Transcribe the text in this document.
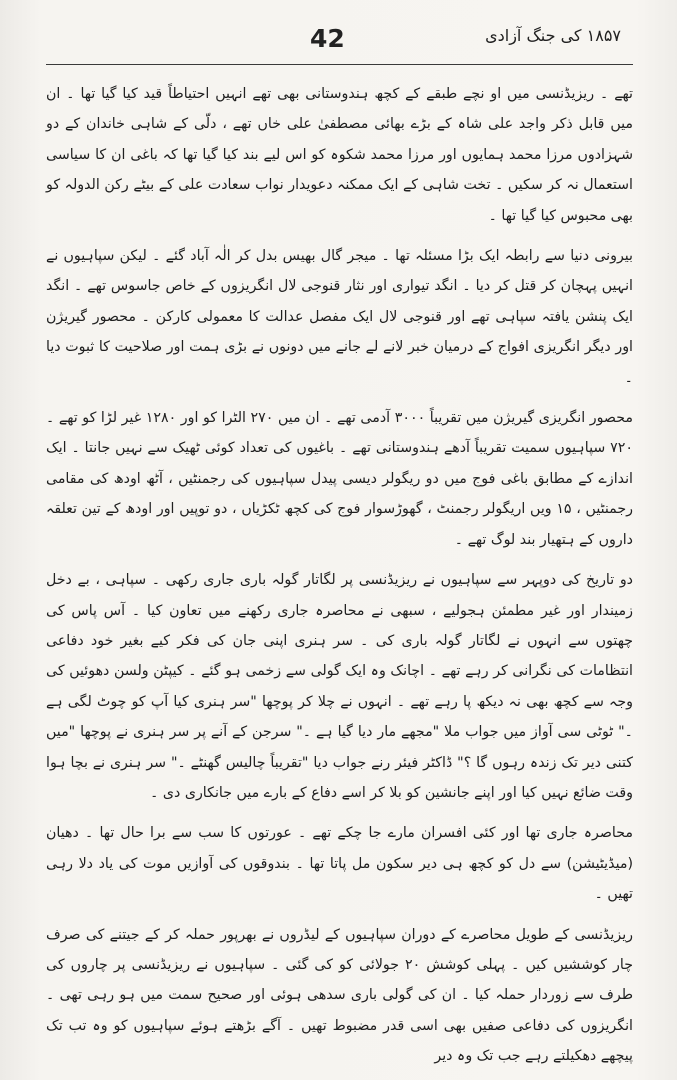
42	۱۸۵۷ کی جنگ آزادی

تھے ۔ ریزیڈنسی میں او نچے طبقے کے کچھ ہندوستانی بھی تھے انہیں احتیاطاً قید کیا گیا تھا ۔ ان میں قابل ذکر واجد علی شاہ کے بڑے بھائی مصطفیٰ علی خاں تھے ، دلّی کے شاہی خاندان کے دو شہزادوں مرزا محمد ہمایوں اور مرزا محمد شکوہ کو اس لیے بند کیا گیا تھا کہ باغی ان کا سیاسی استعمال نہ کر سکیں ۔ تخت شاہی کے ایک ممکنہ دعویدار نواب سعادت علی کے بیٹے رکن الدولہ کو بھی محبوس کیا گیا تھا ۔

بیرونی دنیا سے رابطہ ایک بڑا مسئلہ تھا ۔ میجر گال بھیس بدل کر الٰہ آباد گئے ۔ لیکن سپاہیوں نے انہیں پہچان کر قتل کر دیا ۔ انگد تیواری اور نثار قنوجی لال انگریزوں کے خاص جاسوس تھے ۔ انگد ایک پنشن یافتہ سپاہی تھے اور قنوجی لال ایک مفصل عدالت کا معمولی کارکن ۔ محصور گیریژن اور دیگر انگریزی افواج کے درمیان خبر لانے لے جانے میں دونوں نے بڑی ہمت اور صلاحیت کا ثبوت دیا ۔

محصور انگریزی گیریژن میں تقریباً ۳۰۰۰ آدمی تھے ۔ ان میں ۲۷۰ الٹرا کو اور ۱۲۸۰ غیر لڑا کو تھے ۔ ۷۲۰ سپاہیوں سمیت تقریباً آدھے ہندوستانی تھے ۔ باغیوں کی تعداد کوئی ٹھیک سے نہیں جانتا ۔ ایک اندازے کے مطابق باغی فوج میں دو ریگولر دیسی پیدل سپاہیوں کی رجمنٹیں ، آٹھ اودھ کی مقامی رجمنٹیں ، ۱۵ ویں اریگولر رجمنٹ ، گھوڑسوار فوج کی کچھ ٹکڑیاں ، دو توپیں اور اودھ کے تین تعلقہ داروں کے ہتھیار بند لوگ تھے ۔

دو تاریخ کی دوپہر سے سپاہیوں نے ریزیڈنسی پر لگاتار گولہ باری جاری رکھی ۔ سپاہی ، بے دخل زمیندار اور غیر مطمئن ہجولیے ، سبھی نے محاصرہ جاری رکھنے میں تعاون کیا ۔ آس پاس کی چھتوں سے انہوں نے لگاتار گولہ باری کی ۔ سر ہنری اپنی جان کی فکر کیے بغیر خود دفاعی انتظامات کی نگرانی کر رہے تھے ۔ اچانک وہ ایک گولی سے زخمی ہو گئے ۔ کیپٹن ولسن دھوئیں کی وجہ سے کچھ بھی نہ دیکھ پا رہے تھے ۔ انہوں نے چلا کر پوچھا "سر ہنری کیا آپ کو چوٹ لگی ہے ۔" ٹوٹی سی آواز میں جواب ملا "مجھے مار دیا گیا ہے ۔" سرجن کے آنے پر سر ہنری نے پوچھا "میں کتنی دیر تک زندہ رہوں گا ؟" ڈاکٹر فیئر رنے جواب دیا "تقریباً چالیس گھنٹے ۔" سر ہنری نے بچا ہوا وقت ضائع نہیں کیا اور اپنے جانشین کو بلا کر اسے دفاع کے بارے میں جانکاری دی ۔

محاصرہ جاری تھا اور کئی افسران مارے جا چکے تھے ۔ عورتوں کا سب سے برا حال تھا ۔ دھیان (میڈیٹیشن) سے دل کو کچھ ہی دیر سکون مل پاتا تھا ۔ بندوقوں کی آوازیں موت کی یاد دلا رہی تھیں ۔

ریزیڈنسی کے طویل محاصرے کے دوران سپاہیوں کے لیڈروں نے بھرپور حملہ کر کے جیتنے کی صرف چار کوششیں کیں ۔ پہلی کوشش ۲۰ جولائی کو کی گئی ۔ سپاہیوں نے ریزیڈنسی پر چاروں کی طرف سے زوردار حملہ کیا ۔ ان کی گولی باری سدھی ہوئی اور صحیح سمت میں ہو رہی تھی ۔ انگریزوں کی دفاعی صفیں بھی اسی قدر مضبوط تھیں ۔ آگے بڑھتے ہوئے سپاہیوں کو وہ تب تک پیچھے دھکیلتے رہے جب تک وہ دیر
